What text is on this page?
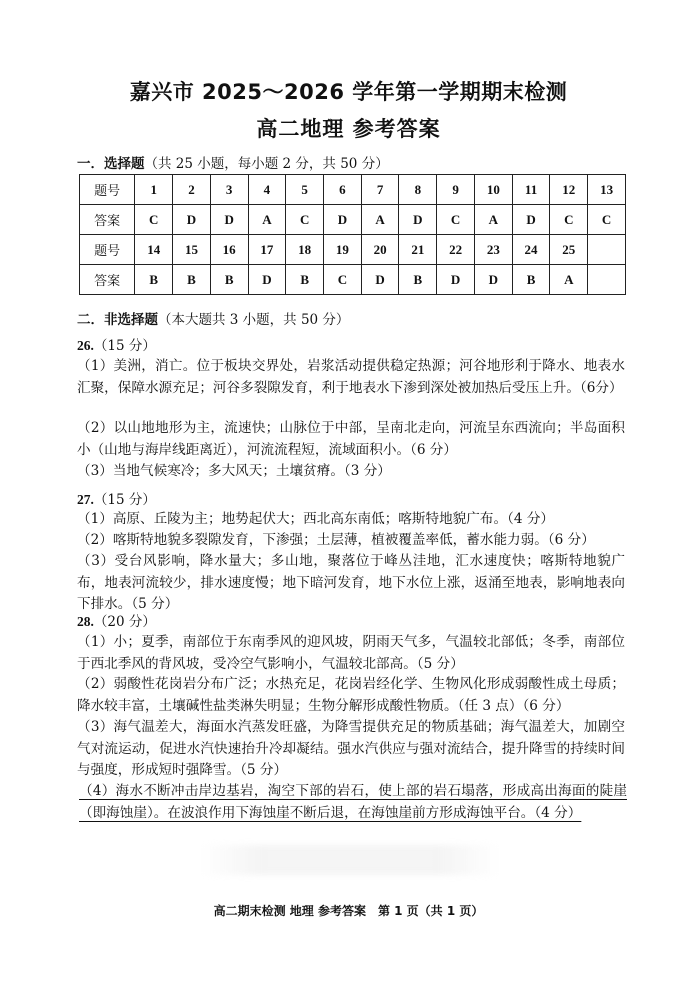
嘉兴市 2025～2026 学年第一学期期末检测
高二地理 参考答案
一．选择题（共 25 小题，每小题 2 分，共 50 分）
题号	1	2	3	4	5	6	7	8	9	10	11	12	13
答案	C	D	D	A	C	D	A	D	C	A	D	C	C
题号	14	15	16	17	18	19	20	21	22	23	24	25	
答案	B	B	B	D	B	C	D	B	D	D	B	A	
二．非选择题（本大题共 3 小题，共 50 分）
26.（15 分）
（1）美洲，消亡。位于板块交界处，岩浆活动提供稳定热源；河谷地形利于降水、地表水汇聚，保障水源充足；河谷多裂隙发育，利于地表水下渗到深处被加热后受压上升。（6分）
（2）以山地地形为主，流速快；山脉位于中部，呈南北走向，河流呈东西流向；半岛面积小（山地与海岸线距离近），河流流程短，流域面积小。（6 分）
（3）当地气候寒冷；多大风天；土壤贫瘠。（3 分）
27.（15 分）
（1）高原、丘陵为主；地势起伏大；西北高东南低；喀斯特地貌广布。（4 分）
（2）喀斯特地貌多裂隙发育，下渗强；土层薄，植被覆盖率低，蓄水能力弱。（6 分）
（3）受台风影响，降水量大；多山地，聚落位于峰丛洼地，汇水速度快；喀斯特地貌广布，地表河流较少，排水速度慢；地下暗河发育，地下水位上涨，返涌至地表，影响地表向下排水。（5 分）
28.（20 分）
（1）小；夏季，南部位于东南季风的迎风坡，阴雨天气多，气温较北部低；冬季，南部位于西北季风的背风坡，受冷空气影响小，气温较北部高。（5 分）
（2）弱酸性花岗岩分布广泛；水热充足，花岗岩经化学、生物风化形成弱酸性成土母质；降水较丰富，土壤碱性盐类淋失明显；生物分解形成酸性物质。（任 3 点）（6 分）
（3）海气温差大，海面水汽蒸发旺盛，为降雪提供充足的物质基础；海气温差大，加剧空气对流运动，促进水汽快速抬升冷却凝结。强水汽供应与强对流结合，提升降雪的持续时间与强度，形成短时强降雪。（5 分）
（4）海水不断冲击岸边基岩，淘空下部的岩石，使上部的岩石塌落，形成高出海面的陡崖（即海蚀崖）。在波浪作用下海蚀崖不断后退，在海蚀崖前方形成海蚀平台。（4 分）
高二期末检测 地理 参考答案　第 1 页（共 1 页）
